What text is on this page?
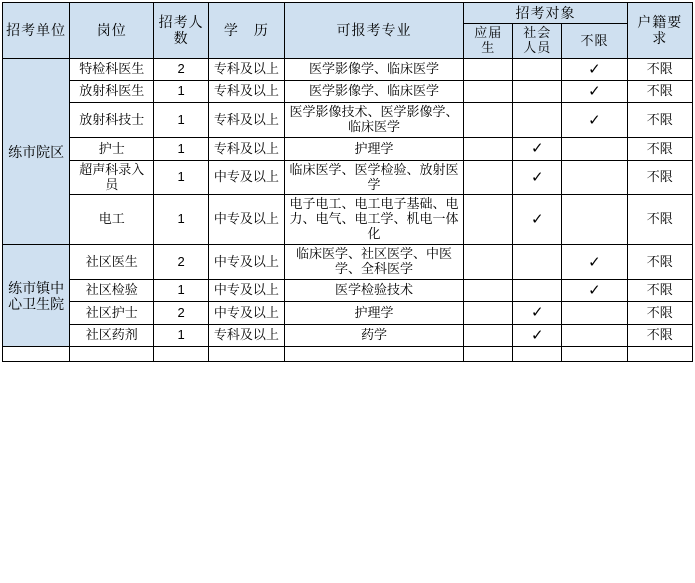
招考单位	岗位	招考人数	学　历	可报考专业	招考对象			户籍要求
					应届生	社会人员	不限	
练市院区	特检科医生	2	专科及以上	医学影像学、临床医学			✓	不限
	放射科医生	1	专科及以上	医学影像学、临床医学			✓	不限
	放射科技士	1	专科及以上	医学影像技术、医学影像学、临床医学			✓	不限
	护士	1	专科及以上	护理学		✓		不限
	超声科录入员	1	中专及以上	临床医学、医学检验、放射医学		✓		不限
	电工	1	中专及以上	电子电工、电工电子基础、电力、电气、电工学、机电一体化		✓		不限
练市镇中心卫生院	社区医生	2	中专及以上	临床医学、社区医学、中医学、全科医学			✓	不限
	社区检验	1	中专及以上	医学检验技术			✓	不限
	社区护士	2	中专及以上	护理学		✓		不限
	社区药剂	1	专科及以上	药学		✓		不限
